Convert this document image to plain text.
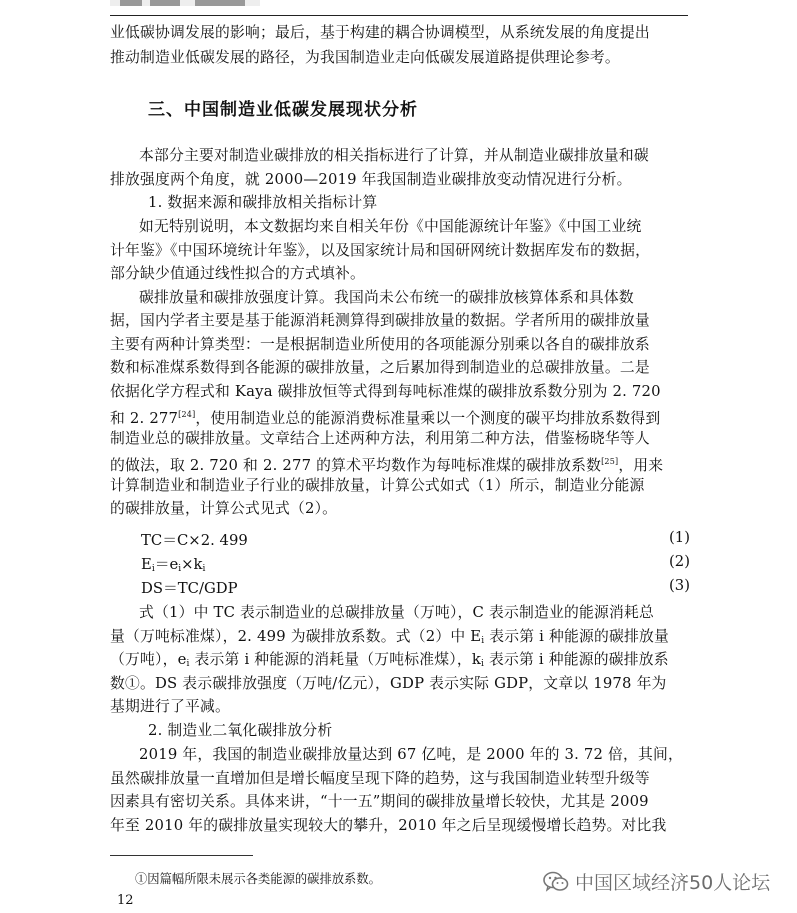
业低碳协调发展的影响；最后，基于构建的耦合协调模型，从系统发展的角度提出
推动制造业低碳发展的路径，为我国制造业走向低碳发展道路提供理论参考。
三、中国制造业低碳发展现状分析
本部分主要对制造业碳排放的相关指标进行了计算，并从制造业碳排放量和碳
排放强度两个角度，就 2000—2019 年我国制造业碳排放变动情况进行分析。
1. 数据来源和碳排放相关指标计算
如无特别说明，本文数据均来自相关年份《中国能源统计年鉴》《中国工业统
计年鉴》《中国环境统计年鉴》，以及国家统计局和国研网统计数据库发布的数据，
部分缺少值通过线性拟合的方式填补。
碳排放量和碳排放强度计算。我国尚未公布统一的碳排放核算体系和具体数
据，国内学者主要是基于能源消耗测算得到碳排放量的数据。学者所用的碳排放量
主要有两种计算类型：一是根据制造业所使用的各项能源分别乘以各自的碳排放系
数和标准煤系数得到各能源的碳排放量，之后累加得到制造业的总碳排放量。二是
依据化学方程式和 Kaya 碳排放恒等式得到每吨标准煤的碳排放系数分别为 2. 720
和 2. 277[24]，使用制造业总的能源消费标准量乘以一个测度的碳平均排放系数得到
制造业总的碳排放量。文章结合上述两种方法，利用第二种方法，借鉴杨晓华等人
的做法，取 2. 720 和 2. 277 的算术平均数作为每吨标准煤的碳排放系数[25]，用来
计算制造业和制造业子行业的碳排放量，计算公式如式（1）所示，制造业分能源
的碳排放量，计算公式见式（2）。
TC＝C×2. 499	(1)
$E_i=e_i\times k_i$	(2)
DS＝TC/GDP	(3)
式（1）中 TC 表示制造业的总碳排放量（万吨），C 表示制造业的能源消耗总
量（万吨标准煤），2. 499 为碳排放系数。式（2）中 $E_i$ 表示第 i 种能源的碳排放量
（万吨），$e_i$ 表示第 i 种能源的消耗量（万吨标准煤），$k_i$ 表示第 i 种能源的碳排放系
数①。DS 表示碳排放强度（万吨/亿元），GDP 表示实际 GDP，文章以 1978 年为
基期进行了平减。
2. 制造业二氧化碳排放分析
2019 年，我国的制造业碳排放量达到 67 亿吨，是 2000 年的 3. 72 倍，其间，
虽然碳排放量一直增加但是增长幅度呈现下降的趋势，这与我国制造业转型升级等
因素具有密切关系。具体来讲，“十一五”期间的碳排放量增长较快，尤其是 2009
年至 2010 年的碳排放量实现较大的攀升，2010 年之后呈现缓慢增长趋势。对比我
①因篇幅所限未展示各类能源的碳排放系数。
12
中国区域经济50人论坛
